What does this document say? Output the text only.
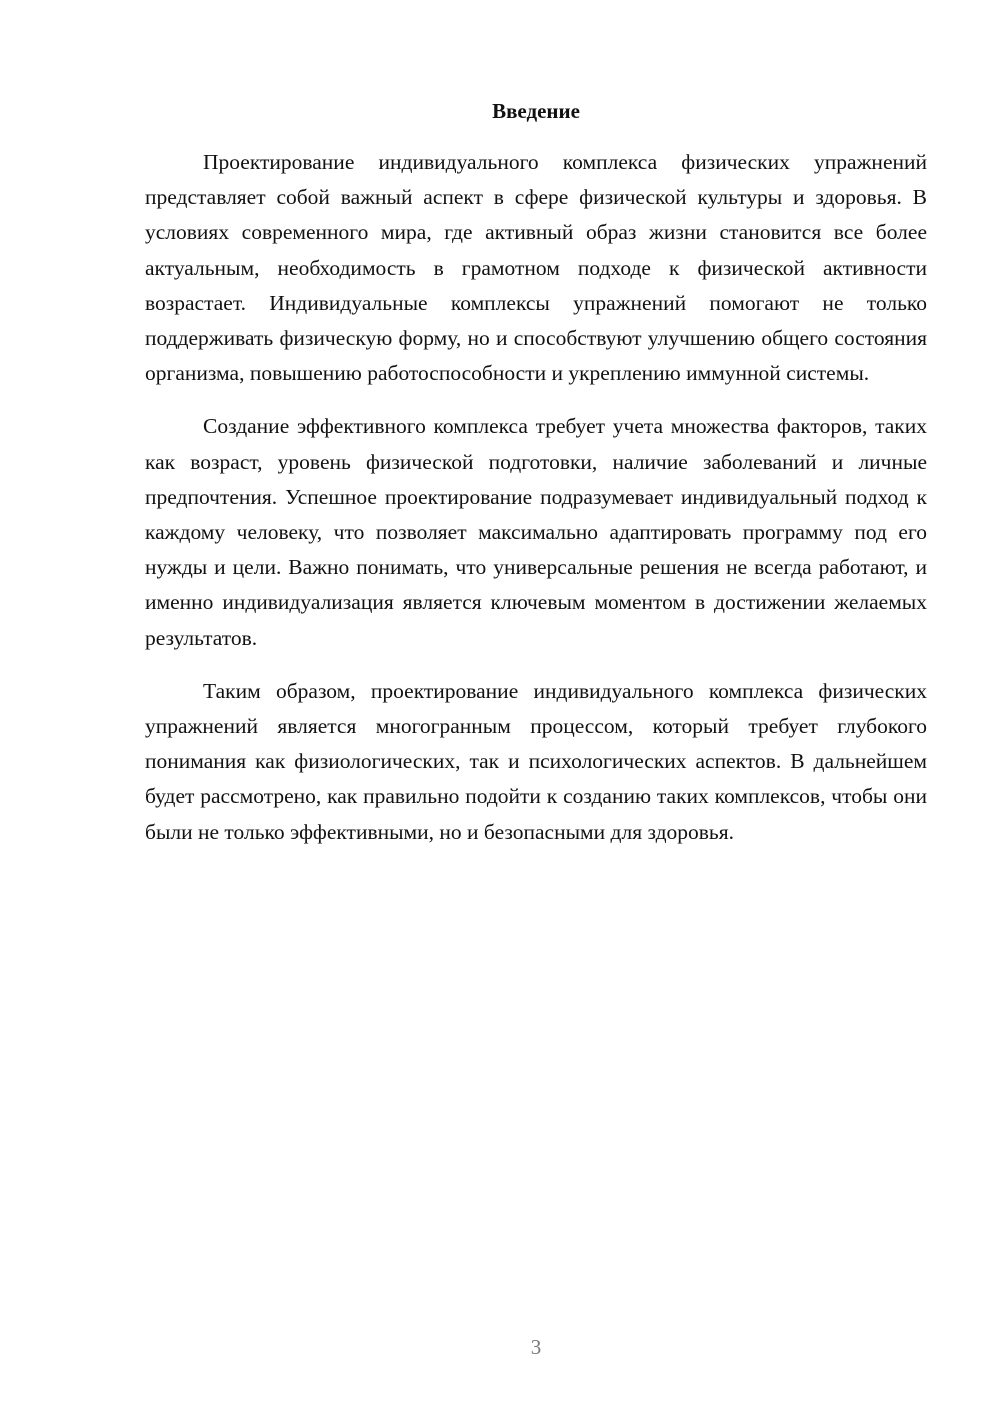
Введение

Проектирование индивидуального комплекса физических упражнений представляет собой важный аспект в сфере физической культуры и здоровья. В условиях современного мира, где активный образ жизни становится все более актуальным, необходимость в грамотном подходе к физической активности возрастает. Индивидуальные комплексы упражнений помогают не только поддерживать физическую форму, но и способствуют улучшению общего состояния организма, повышению работоспособности и укреплению иммунной системы.

Создание эффективного комплекса требует учета множества факторов, таких как возраст, уровень физической подготовки, наличие заболеваний и личные предпочтения. Успешное проектирование подразумевает индивидуальный подход к каждому человеку, что позволяет максимально адаптировать программу под его нужды и цели. Важно понимать, что универсальные решения не всегда работают, и именно индивидуализация является ключевым моментом в достижении желаемых результатов.

Таким образом, проектирование индивидуального комплекса физических упражнений является многогранным процессом, который требует глубокого понимания как физиологических, так и психологических аспектов. В дальнейшем будет рассмотрено, как правильно подойти к созданию таких комплексов, чтобы они были не только эффективными, но и безопасными для здоровья.

3
